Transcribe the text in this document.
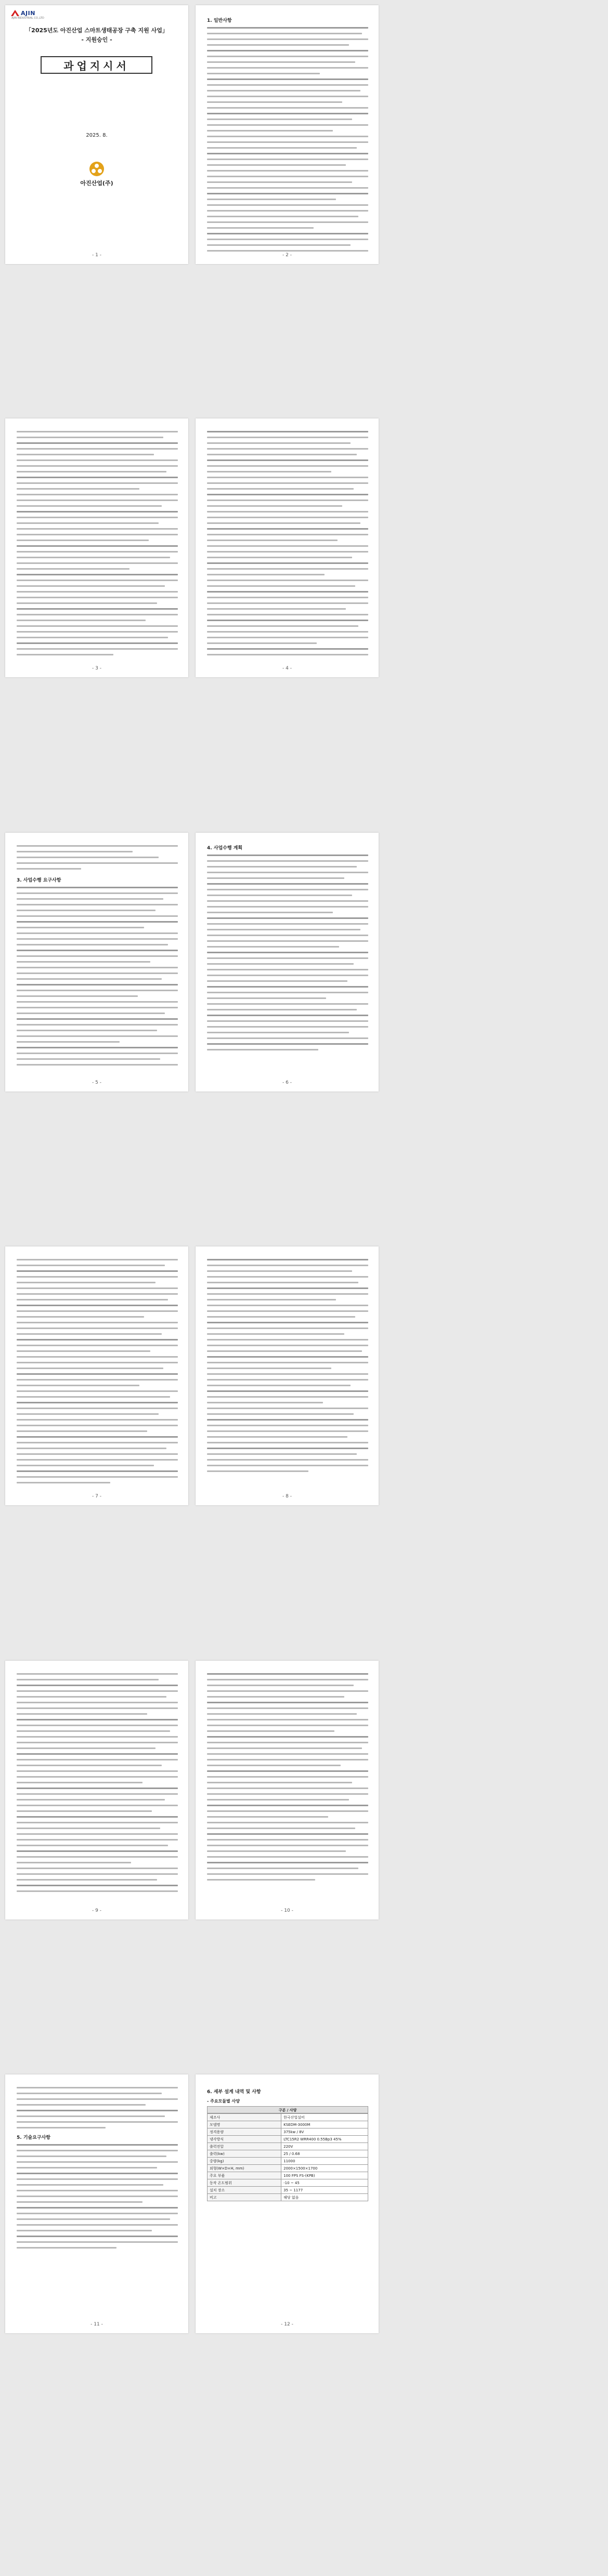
AJIN
AJIN INDUSTRIAL CO.,LTD
「2025년도 아진산업 스마트생태공장 구축 지원 사업」
- 지원승인 -
과업지시서
2025. 8.
아진산업(주)
- 1 -
1. 일반사항
- 2 -
- 3 -	- 4 -
3. 사업수행 요구사항
- 5 -
4. 사업수행 계획
- 6 -
- 7 -	- 8 -
- 9 -	- 10 -
5. 기술요구사항
- 11 -
6. 세부 설계 내역 및 사항
- 주요모듈별 사양
구분 / 사양
제조사	한국산업설비
모델명	KSEDM-3000M
정격용량	375kw / 8V
냉각방식	LTC15R2 WRR400 0.55Bp3 45%
출력전압	220V
출력(kw)	25 / 0.68
중량(kg)	11000
외형(W×D×H, mm)	2000×1500×1700
주요 부품	100 FPS FS-(KPB)
동작 온도범위	-10 ~ 45
설치 장소	35 ~ 1177
비고	해당 없음
- 12 -
